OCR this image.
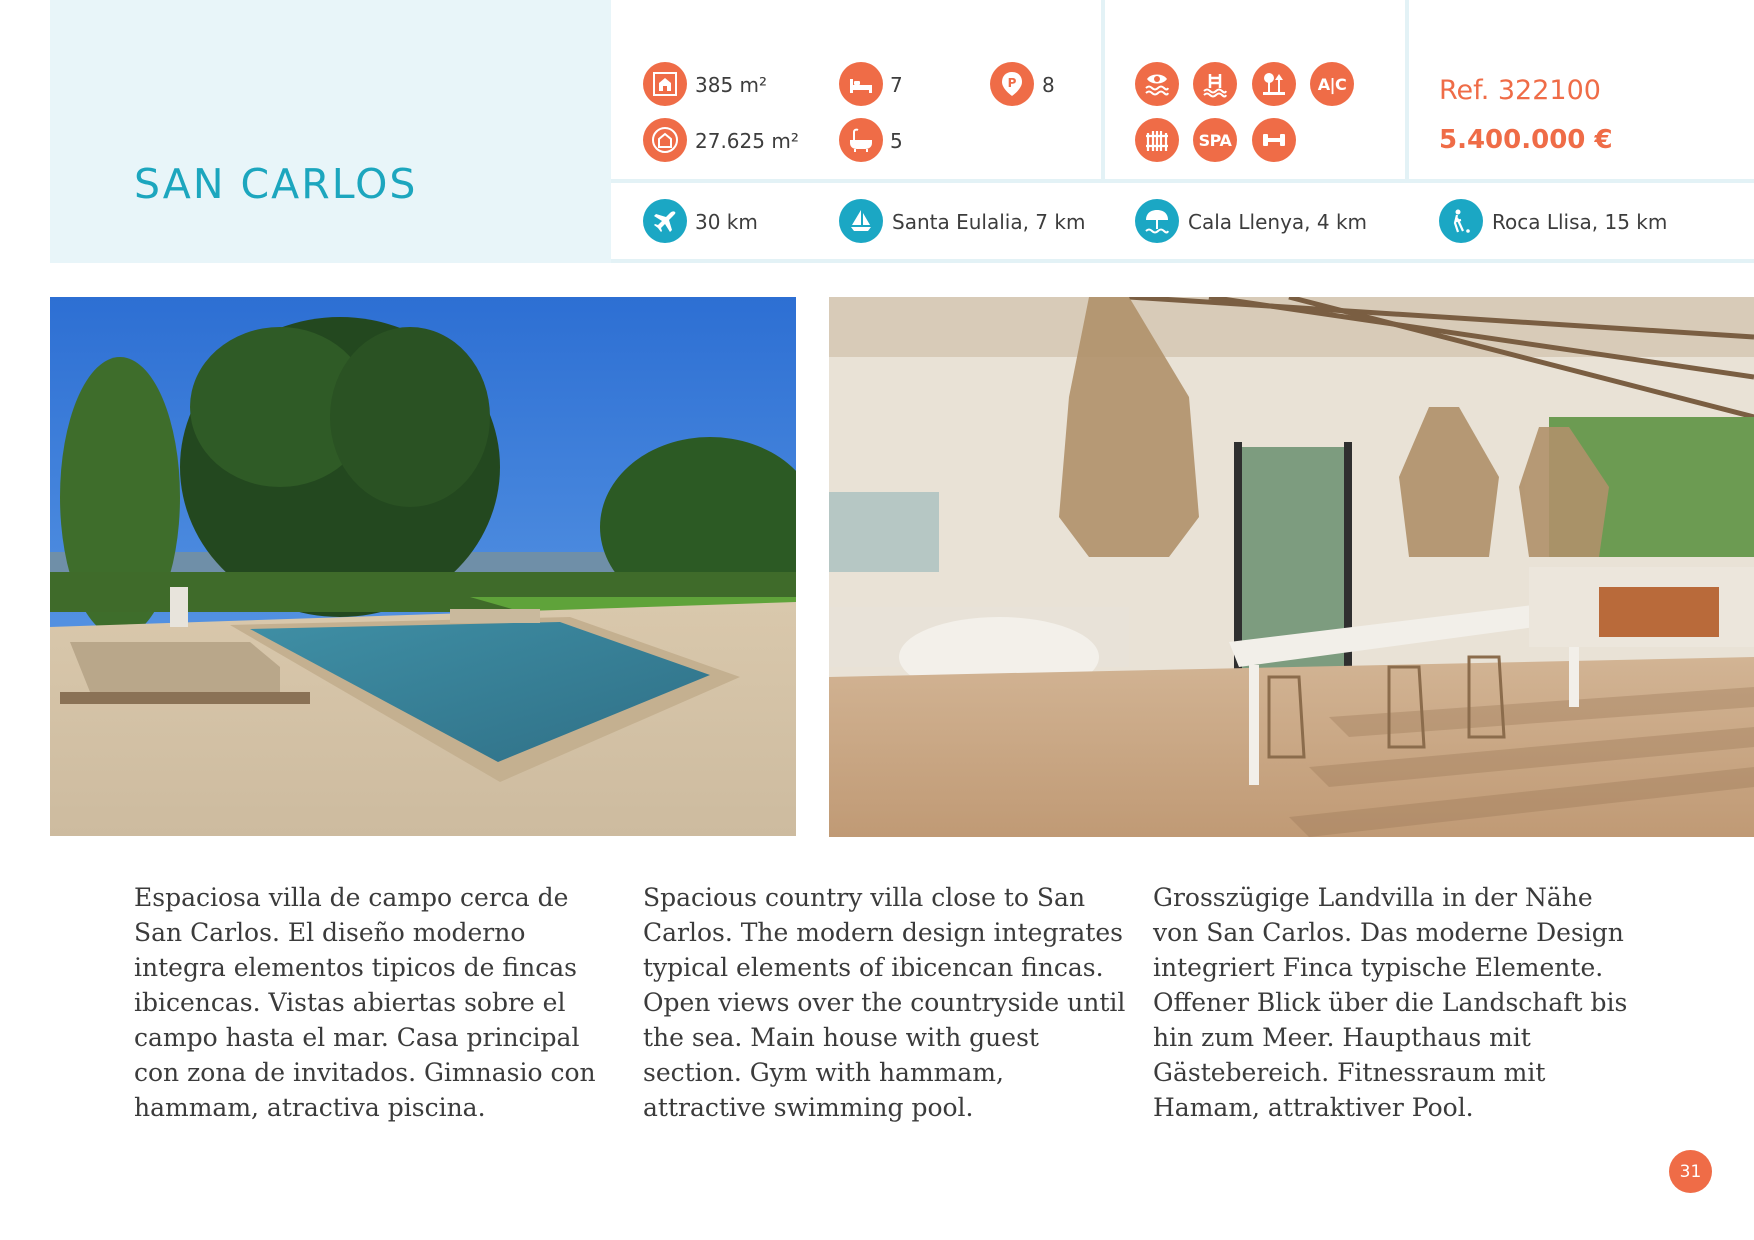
SAN CARLOS
385 m²	7	P 8
27.625 m²	5
A|C
SPA
Ref. 322100
5.400.000 €
30 km	Santa Eulalia, 7 km	Cala Llenya, 4 km	Roca Llisa, 15 km
Espaciosa villa de campo cerca de San Carlos. El diseño moderno integra elementos tipicos de fincas ibicencas. Vistas abiertas sobre el campo hasta el mar. Casa principal con zona de invitados. Gimnasio con hammam, atractiva piscina.
Spacious country villa close to San Carlos. The modern design integrates typical elements of ibicencan fincas. Open views over the countryside until the sea. Main house with guest section. Gym with hammam, attractive swimming pool.
Grosszügige Landvilla in der Nähe von San Carlos. Das moderne Design integriert Finca typische Elemente. Offener Blick über die Landschaft bis hin zum Meer. Haupthaus mit Gästebereich. Fitnessraum mit Hamam, attraktiver Pool.
31
